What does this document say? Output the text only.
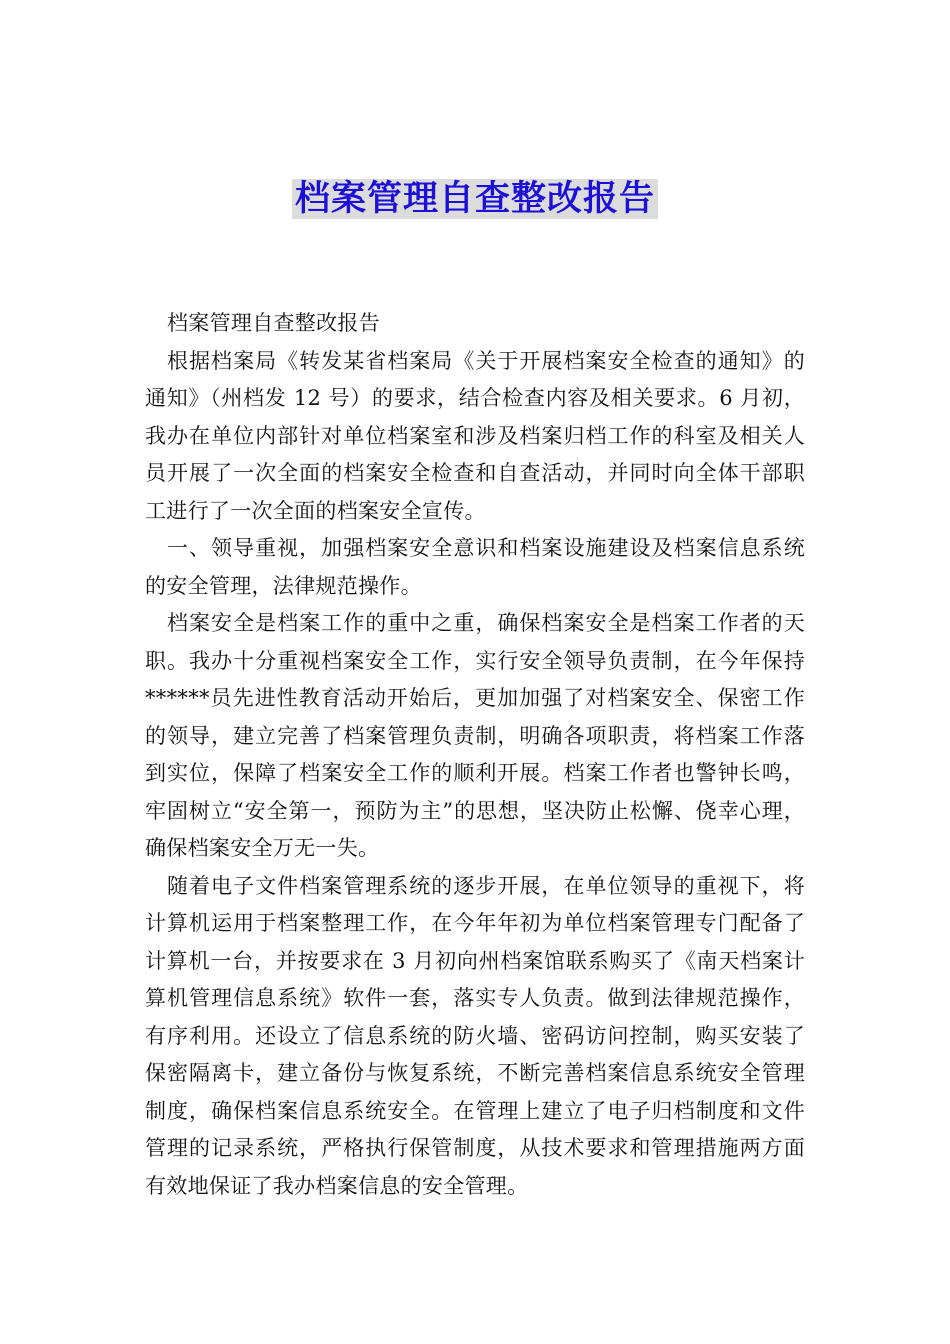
档案管理自查整改报告

档案管理自查整改报告

根据档案局《转发某省档案局《关于开展档案安全检查的通知》的通知》（州档发 12 号）的要求，结合检查内容及相关要求。6 月初，我办在单位内部针对单位档案室和涉及档案归档工作的科室及相关人员开展了一次全面的档案安全检查和自查活动，并同时向全体干部职工进行了一次全面的档案安全宣传。

一、领导重视，加强档案安全意识和档案设施建设及档案信息系统的安全管理，法律规范操作。

档案安全是档案工作的重中之重，确保档案安全是档案工作者的天职。我办十分重视档案安全工作，实行安全领导负责制，在今年保持******员先进性教育活动开始后，更加加强了对档案安全、保密工作的领导，建立完善了档案管理负责制，明确各项职责，将档案工作落到实位，保障了档案安全工作的顺利开展。档案工作者也警钟长鸣，牢固树立“安全第一，预防为主”的思想，坚决防止松懈、侥幸心理，确保档案安全万无一失。

随着电子文件档案管理系统的逐步开展，在单位领导的重视下，将计算机运用于档案整理工作，在今年年初为单位档案管理专门配备了计算机一台，并按要求在 3 月初向州档案馆联系购买了《南天档案计算机管理信息系统》软件一套，落实专人负责。做到法律规范操作，有序利用。还设立了信息系统的防火墙、密码访问控制，购买安装了保密隔离卡，建立备份与恢复系统，不断完善档案信息系统安全管理制度，确保档案信息系统安全。在管理上建立了电子归档制度和文件管理的记录系统，严格执行保管制度，从技术要求和管理措施两方面有效地保证了我办档案信息的安全管理。
